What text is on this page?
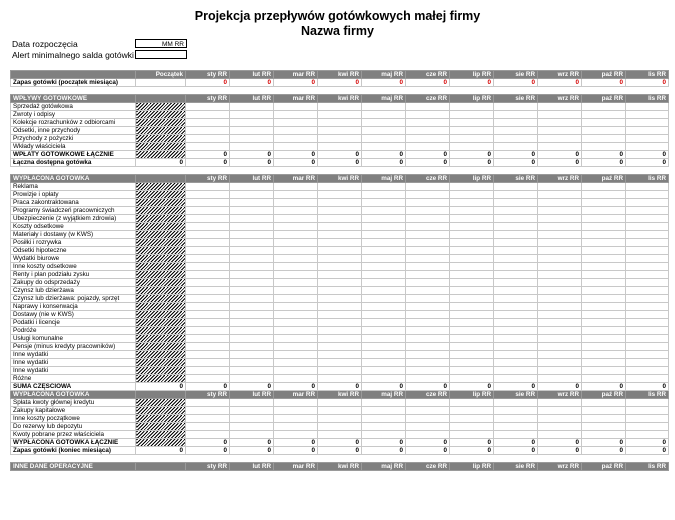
Projekcja przepływów gotówkowych małej firmy
Nazwa firmy
Data rozpoczęcia	MM RR
Alert minimalnego salda gotówki
	Początek	sty RR	lut RR	mar RR	kwi RR	maj RR	cze RR	lip RR	sie RR	wrz RR	paź RR	lis RR
Zapas gotówki (początek miesiąca)		0	0	0	0	0	0	0	0	0	0	0

WPŁYWY GOTÓWKOWE		sty RR	lut RR	mar RR	kwi RR	maj RR	cze RR	lip RR	sie RR	wrz RR	paź RR	lis RR
Sprzedaż gotówkowa												
Zwroty i odpisy												
Kolekcje rozrachunków z odbiorcami												
Odsetki, inne przychody												
Przychody z pożyczki												
Wkłady właściciela												
WPŁATY GOTÓWKOWE ŁĄCZNIE		0	0	0	0	0	0	0	0	0	0	0
Łączna dostępna gotówka	0	0	0	0	0	0	0	0	0	0	0	0

WYPŁACONA GOTÓWKA		sty RR	lut RR	mar RR	kwi RR	maj RR	cze RR	lip RR	sie RR	wrz RR	paź RR	lis RR
Reklama												
Prowizje i opłaty												
Praca zakontraktowana												
Programy świadczeń pracowniczych												
Ubezpieczenie (z wyjątkiem zdrowia)												
Koszty odsetkowe												
Materiały i dostawy (w KWS)												
Posiłki i rozrywka												
Odsetki hipoteczne												
Wydatki biurowe												
Inne koszty odsetkowe												
Renty i plan podziału zysku												
Zakupy do odsprzedaży												
Czynsz lub dzierżawa												
Czynsz lub dzierżawa: pojazdy, sprzęt												
Naprawy i konserwacja												
Dostawy (nie w KWS)												
Podatki i licencje												
Podróże												
Usługi komunalne												
Pensje (minus kredyty pracowników)												
Inne wydatki												
Inne wydatki												
Inne wydatki												
Różne												
SUMA CZĘŚCIOWA	0	0	0	0	0	0	0	0	0	0	0	0
WYPŁACONA GOTÓWKA		sty RR	lut RR	mar RR	kwi RR	maj RR	cze RR	lip RR	sie RR	wrz RR	paź RR	lis RR
Spłata kwoty głównej kredytu												
Zakupy kapitałowe												
Inne koszty początkowe												
Do rezerwy lub depozytu												
Kwoty pobrane przez właściciela												
WYPŁACONA GOTÓWKA ŁĄCZNIE		0	0	0	0	0	0	0	0	0	0	0
Zapas gotówki (koniec miesiąca)	0	0	0	0	0	0	0	0	0	0	0	0

INNE DANE OPERACYJNE		sty RR	lut RR	mar RR	kwi RR	maj RR	cze RR	lip RR	sie RR	wrz RR	paź RR	lis RR
